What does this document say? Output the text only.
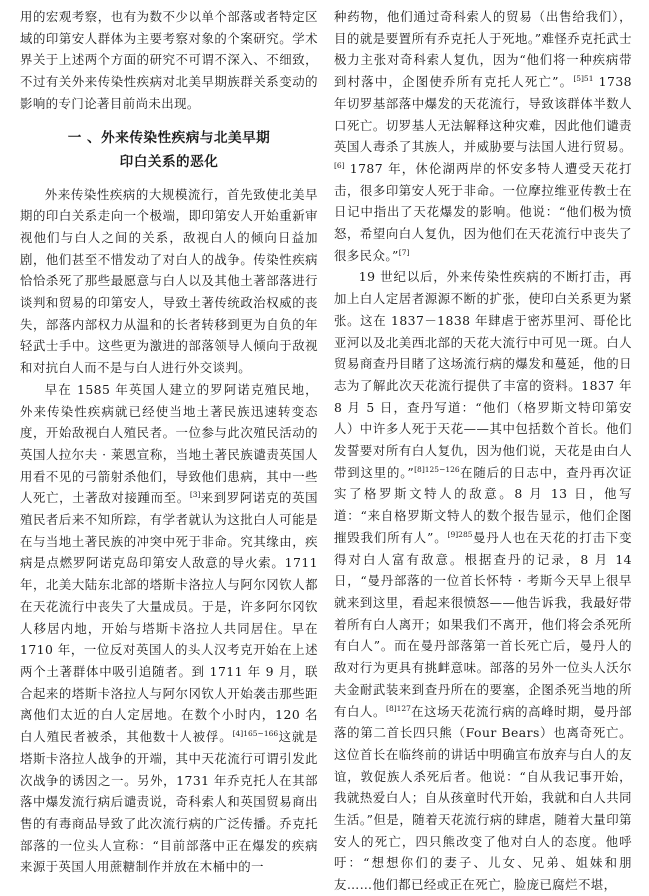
用的宏观考察，也有为数不少以单个部落或者特定区域的印第安人群体为主要考察对象的个案研究。学术界关于上述两个方面的研究不可谓不深入、不细致，不过有关外来传染性疾病对北美早期族群关系变动的影响的专门论著目前尚未出现。

一 、外来传染性疾病与北美早期
印白关系的恶化

外来传染性疾病的大规模流行，首先致使北美早期的印白关系走向一个极端，即印第安人开始重新审视他们与白人之间的关系，敌视白人的倾向日益加剧，他们甚至不惜发动了对白人的战争。传染性疾病恰恰杀死了那些最愿意与白人以及其他土著部落进行谈判和贸易的印第安人，导致土著传统政治权威的丧失，部落内部权力从温和的长者转移到更为自负的年轻武士手中。这些更为激进的部落领导人倾向于敌视和对抗白人而不是与白人进行外交谈判。

早在 1585 年英国人建立的罗阿诺克殖民地，外来传染性疾病就已经使当地土著民族迅速转变态度，开始敌视白人殖民者。一位参与此次殖民活动的英国人拉尔夫 · 莱恩宣称，当地土著民族谴责英国人用看不见的弓箭射杀他们，导致他们患病，其中一些人死亡，土著敌对接踵而至。[3]来到罗阿诺克的英国殖民者后来不知所踪，有学者就认为这批白人可能是在与当地土著民族的冲突中死于非命。究其缘由，疾病是点燃罗阿诺克岛印第安人敌意的导火索。1711 年，北美大陆东北部的塔斯卡洛拉人与阿尔冈钦人都在天花流行中丧失了大量成员。于是，许多阿尔冈钦人移居内地，开始与塔斯卡洛拉人共同居住。早在 1710 年，一位反对英国人的头人汉考克开始在上述两个土著群体中吸引追随者。到 1711 年 9 月，联合起来的塔斯卡洛拉人与阿尔冈钦人开始袭击那些距离他们太近的白人定居地。在数个小时内，120 名白人殖民者被杀，其他数十人被俘。$^{[4]165-166}$这就是塔斯卡洛拉人战争的开端，其中天花流行可谓引发此次战争的诱因之一。另外，1731 年乔克托人在其部落中爆发流行病后谴责说，奇科索人和英国贸易商出售的有毒商品导致了此次流行病的广泛传播。乔克托部落的一位头人宣称：“目前部落中正在爆发的疾病来源于英国人用蔗糖制作并放在木桶中的一

种药物，他们通过奇科索人的贸易（出售给我们），目的就是要置所有乔克托人于死地。”难怪乔克托武士极力主张对奇科索人复仇，因为“他们将一种疾病带到村落中，企图使乔所有克托人死亡”。$^{[5]51}$ 1738 年切罗基部落中爆发的天花流行，导致该群体半数人口死亡。切罗基人无法解释这种灾难，因此他们谴责英国人毒杀了其族人，并威胁要与法国人进行贸易。[6] 1787 年，休伦湖两岸的怀安多特人遭受天花打击，很多印第安人死于非命。一位摩拉维亚传教士在日记中指出了天花爆发的影响。他说：“他们极为愤怒，希望向白人复仇，因为他们在天花流行中丧失了很多民众。”[7]

19 世纪以后，外来传染性疾病的不断打击，再加上白人定居者源源不断的扩张，使印白关系更为紧张。这在 1837－1838 年肆虐于密苏里河、哥伦比亚河以及北美西北部的天花大流行中可见一斑。白人贸易商查丹目睹了这场流行病的爆发和蔓延，他的日志为了解此次天花流行提供了丰富的资料。1837 年 8 月 5 日，查丹写道：“他们（格罗斯文特印第安人）中许多人死于天花——其中包括数个首长。他们发誓要对所有白人复仇，因为他们说，天花是由白人带到这里的。”$^{[8]125-126}$在随后的日志中，查丹再次证实了格罗斯文特人的敌意。8 月 13 日，他写道：“来自格罗斯文特人的数个报告显示，他们企图摧毁我们所有人”。$^{[9]285}$曼丹人也在天花的打击下变得对白人富有敌意。根据查丹的记录，8 月 14 日，“曼丹部落的一位首长怀特 · 考斯今天早上很早就来到这里，看起来很愤怒——他告诉我，我最好带着所有白人离开；如果我们不离开，他们将会杀死所有白人”。而在曼丹部落第一首长死亡后，曼丹人的敌对行为更具有挑衅意味。部落的另外一位头人沃尔夫金耐武装来到查丹所在的要塞，企图杀死当地的所有白人。$^{[8]127}$在这场天花流行病的高峰时期，曼丹部落的第二首长四只熊（Four Bears）也离奇死亡。这位首长在临终前的讲话中明确宣布放弃与白人的友谊，敦促族人杀死后者。他说：“自从我记事开始，我就热爱白人；自从孩童时代开始，我就和白人共同生活。”但是，随着天花流行病的肆虐，随着大量印第安人的死亡，四只熊改变了他对白人的态度。他呼吁：“想想你们的妻子、儿女、兄弟、姐妹和朋友……他们都已经或正在死亡，脸庞已腐烂不堪，
